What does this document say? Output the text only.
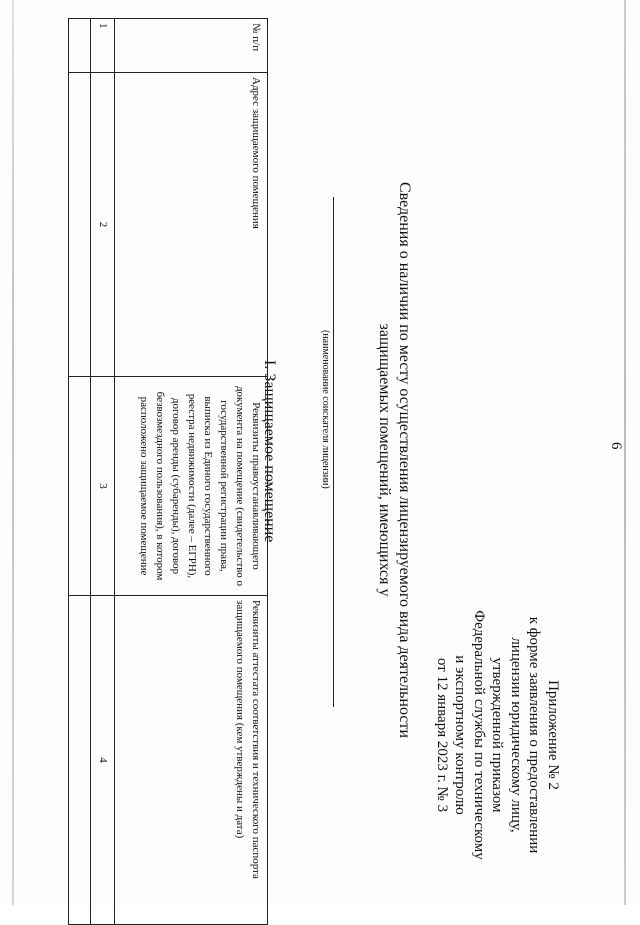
6
Приложение № 2
к форме заявления о предоставлении
лицензии юридическому лицу,
утвержденной приказом
Федеральной службы по техническому
и экспортному контролю
от 12 января 2023 г. № 3
Сведения о наличии по месту осуществления лицензируемого вида деятельности
защищаемых помещений, имеющихся у
(наименование соискателя лицензии)
I. Защищаемое помещение
№ п/п	Адрес защищаемого помещения	Реквизиты правоустанавливающего документа на помещение (свидетельство о государственной регистрации права, выписка из Единого государственного реестра недвижимости (далее – ЕГРН), договор аренды (субаренды), договор безвозмездного пользования), в котором расположено защищаемое помещение	Реквизиты аттестата соответствия и технического паспорта защищаемого помещения (кем утверждены и дата)

1	2	3	4
